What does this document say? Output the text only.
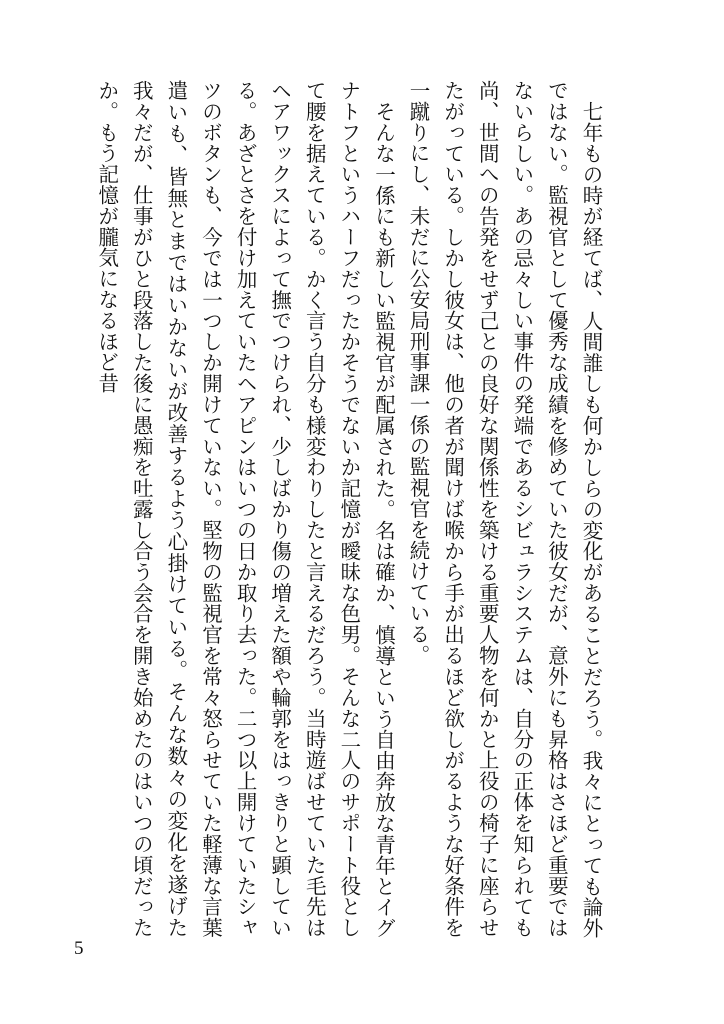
七年もの時が経てば、人間誰しも何かしらの変化があることだろう。我々にとっても論外ではない。監視官として優秀な成績を修めていた彼女だが、意外にも昇格はさほど重要ではないらしい。あの忌々しい事件の発端であるシビュラシステムは、自分の正体を知られても尚、世間への告発をせず己との良好な関係性を築ける重要人物を何かと上役の椅子に座らせたがっている。しかし彼女は、他の者が聞けば喉から手が出るほど欲しがるような好条件を一蹴りにし、未だに公安局刑事課一係の監視官を続けている。

そんな一係にも新しい監視官が配属された。名は確か、慎導という自由奔放な青年とイグナトフというハーフだったかそうでないか記憶が曖昧な色男。そんな二人のサポート役として腰を据えている。かく言う自分も様変わりしたと言えるだろう。当時遊ばせていた毛先はヘアワックスによって撫でつけられ、少しばかり傷の増えた額や輪郭をはっきりと顕している。あざとさを付け加えていたヘアピンはいつの日か取り去った。二つ以上開けていたシャツのボタンも、今では一つしか開けていない。堅物の監視官を常々怒らせていた軽薄な言葉遣いも、皆無とまではいかないが改善するよう心掛けている。そんな数々の変化を遂げた我々だが、仕事がひと段落した後に愚痴を吐露し合う会合を開き始めたのはいつの頃だったか。もう記憶が朧気になるほど昔

5
